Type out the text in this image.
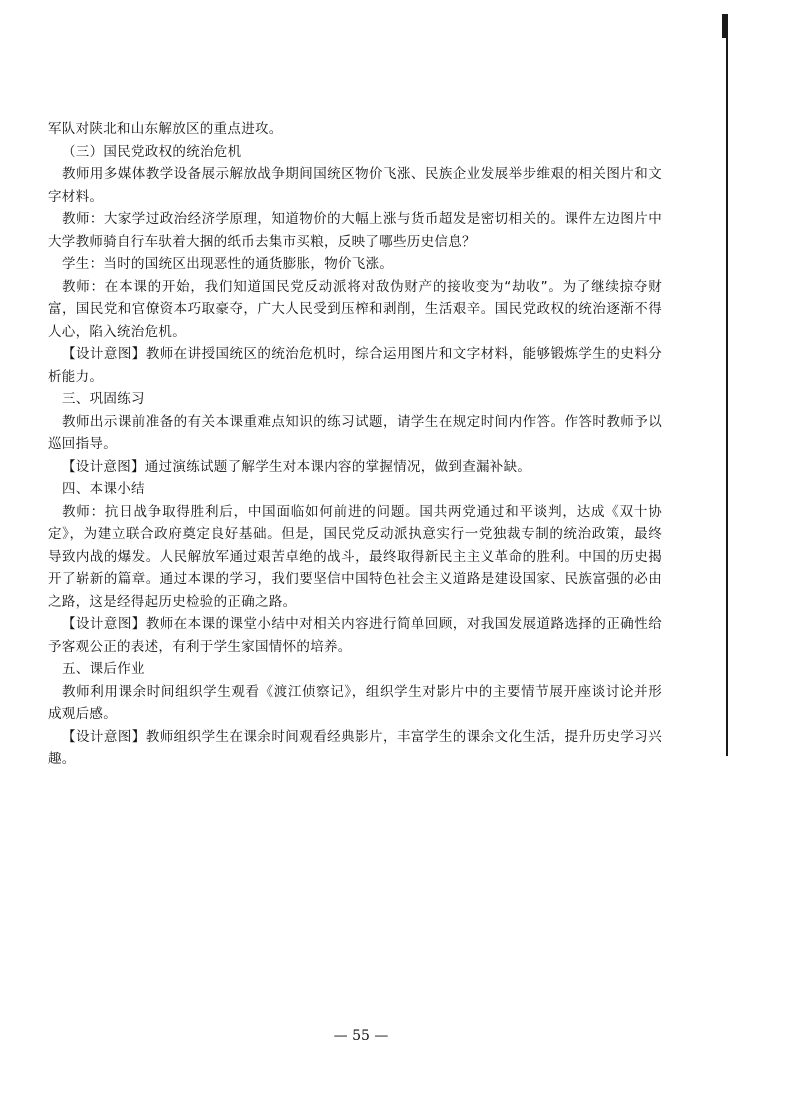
军队对陕北和山东解放区的重点进攻。

（三）国民党政权的统治危机

教师用多媒体教学设备展示解放战争期间国统区物价飞涨、民族企业发展举步维艰的相关图片和文字材料。

教师：大家学过政治经济学原理，知道物价的大幅上涨与货币超发是密切相关的。课件左边图片中大学教师骑自行车驮着大捆的纸币去集市买粮，反映了哪些历史信息？

学生：当时的国统区出现恶性的通货膨胀，物价飞涨。

教师：在本课的开始，我们知道国民党反动派将对敌伪财产的接收变为“劫收”。为了继续掠夺财富，国民党和官僚资本巧取豪夺，广大人民受到压榨和剥削，生活艰辛。国民党政权的统治逐渐不得人心，陷入统治危机。

【设计意图】教师在讲授国统区的统治危机时，综合运用图片和文字材料，能够锻炼学生的史料分析能力。

三、巩固练习

教师出示课前准备的有关本课重难点知识的练习试题，请学生在规定时间内作答。作答时教师予以巡回指导。

【设计意图】通过演练试题了解学生对本课内容的掌握情况，做到查漏补缺。

四、本课小结

教师：抗日战争取得胜利后，中国面临如何前进的问题。国共两党通过和平谈判，达成《双十协定》，为建立联合政府奠定良好基础。但是，国民党反动派执意实行一党独裁专制的统治政策，最终导致内战的爆发。人民解放军通过艰苦卓绝的战斗，最终取得新民主主义革命的胜利。中国的历史揭开了崭新的篇章。通过本课的学习，我们要坚信中国特色社会主义道路是建设国家、民族富强的必由之路，这是经得起历史检验的正确之路。

【设计意图】教师在本课的课堂小结中对相关内容进行简单回顾，对我国发展道路选择的正确性给予客观公正的表述，有利于学生家国情怀的培养。

五、课后作业

教师利用课余时间组织学生观看《渡江侦察记》，组织学生对影片中的主要情节展开座谈讨论并形成观后感。

【设计意图】教师组织学生在课余时间观看经典影片，丰富学生的课余文化生活，提升历史学习兴趣。

— 55 —
